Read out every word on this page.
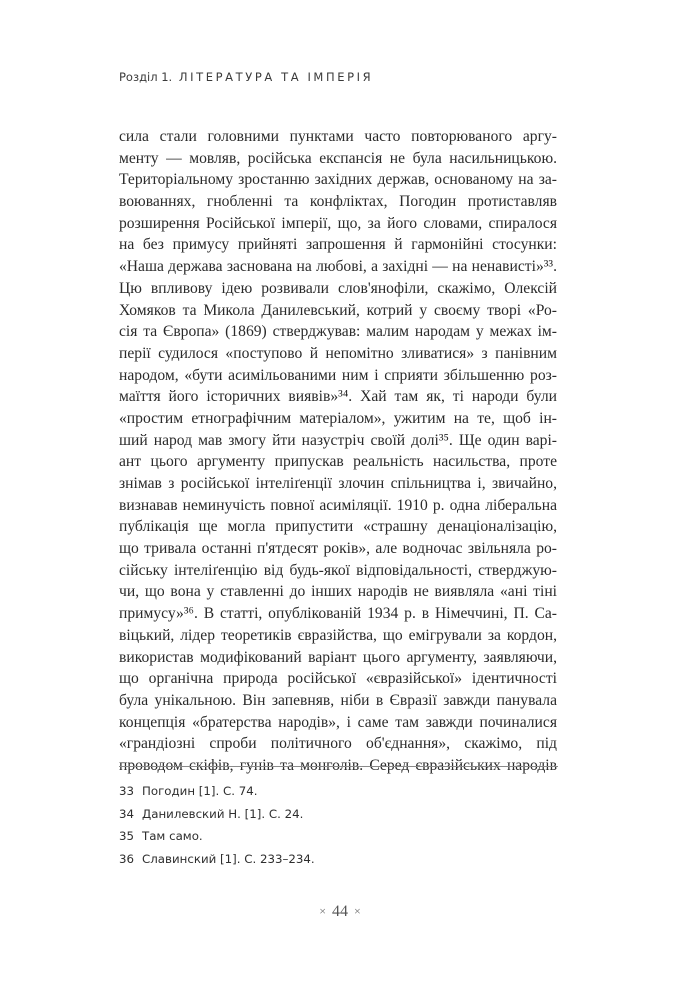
Розділ 1. ЛІТЕРАТУРА ТА ІМПЕРІЯ
сила стали головними пунктами часто повторюваного аргу-
менту — мовляв, російська експансія не була насильницькою.
Територіальному зростанню західних держав, основаному на за-
воюваннях, гнобленні та конфліктах, Погодин протиставляв
розширення Російської імперії, що, за його словами, спиралося
на без примусу прийняті запрошення й гармонійні стосунки:
«Наша держава заснована на любові, а західні — на ненависті»³³.
Цю впливову ідею розвивали слов'янофіли, скажімо, Олексій
Хомяков та Микола Данилевський, котрий у своєму творі «Ро-
сія та Європа» (1869) стверджував: малим народам у межах ім-
перії судилося «поступово й непомітно зливатися» з панівним
народом, «бути асимільованими ним і сприяти збільшенню роз-
маїття його історичних виявів»³⁴. Хай там як, ті народи були
«простим етнографічним матеріалом», ужитим на те, щоб ін-
ший народ мав змогу йти назустріч своїй долі³⁵. Ще один варі-
ант цього аргументу припускав реальність насильства, проте
знімав з російської інтеліґенції злочин спільництва і, звичайно,
визнавав неминучість повної асиміляції. 1910 р. одна ліберальна
публікація ще могла припустити «страшну денаціоналізацію,
що тривала останні п'ятдесят років», але водночас звільняла ро-
сійську інтеліґенцію від будь-якої відповідальності, стверджую-
чи, що вона у ставленні до інших народів не виявляла «ані тіні
примусу»³⁶. В статті, опублікованій 1934 р. в Німеччині, П. Са-
віцький, лідер теоретиків євразійства, що емігрували за кордон,
використав модифікований варіант цього аргументу, заявляючи,
що органічна природа російської «євразійської» ідентичності
була унікальною. Він запевняв, ніби в Євразії завжди панувала
концепція «братерства народів», і саме там завжди починалися
«грандіозні спроби політичного об'єднання», скажімо, під
проводом скіфів, гунів та монголів. Серед євразійських народів
33 Погодин [1]. С. 74.
34 Данилевский Н. [1]. С. 24.
35 Там само.
36 Славинский [1]. С. 233–234.
× 44 ×
